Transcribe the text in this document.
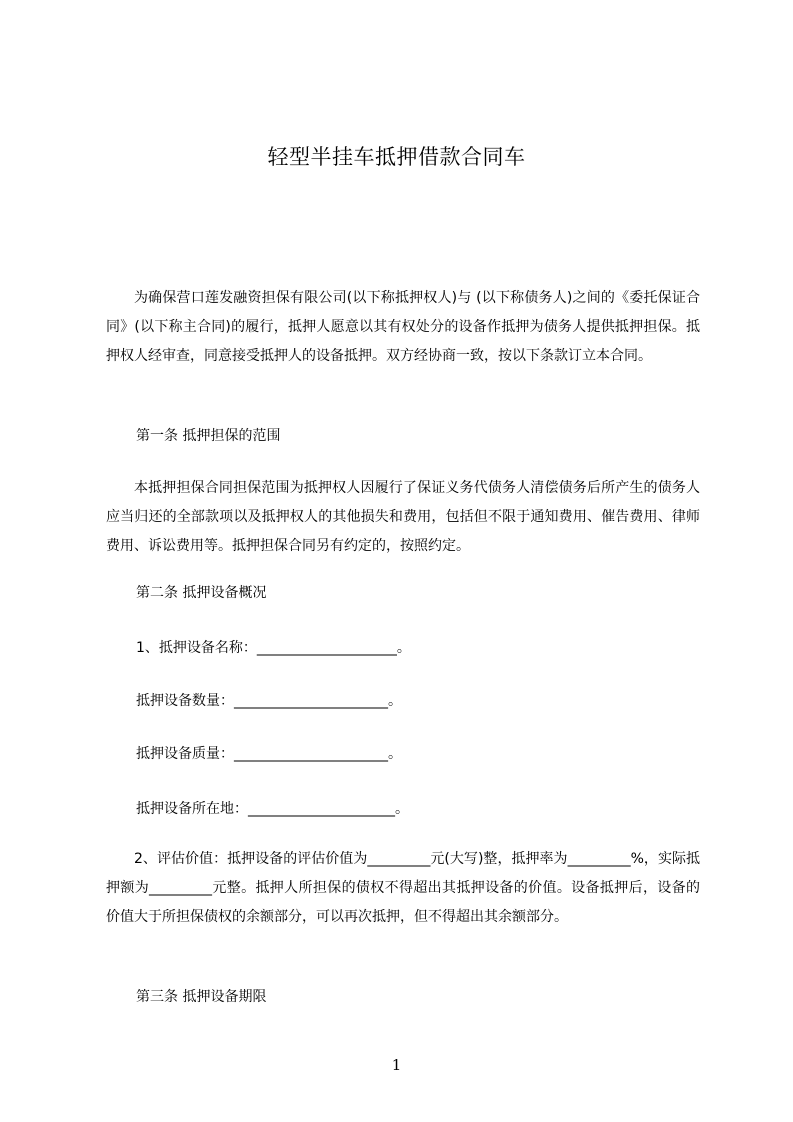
轻型半挂车抵押借款合同车

为确保营口莲发融资担保有限公司(以下称抵押权人)与 (以下称债务人)之间的《委托保证合同》(以下称主合同)的履行，抵押人愿意以其有权处分的设备作抵押为债务人提供抵押担保。抵押权人经审查，同意接受抵押人的设备抵押。双方经协商一致，按以下条款订立本合同。

第一条 抵押担保的范围

本抵押担保合同担保范围为抵押权人因履行了保证义务代债务人清偿债务后所产生的债务人应当归还的全部款项以及抵押权人的其他损失和费用，包括但不限于通知费用、催告费用、律师费用、诉讼费用等。抵押担保合同另有约定的，按照约定。

第二条 抵押设备概况

1、抵押设备名称：____________________。

抵押设备数量：______________________。

抵押设备质量：______________________。

抵押设备所在地：_____________________。

2、评估价值：抵押设备的评估价值为_________元(大写)整，抵押率为_________%，实际抵押额为_________元整。抵押人所担保的债权不得超出其抵押设备的价值。设备抵押后，设备的价值大于所担保债权的余额部分，可以再次抵押，但不得超出其余额部分。

第三条 抵押设备期限

1
